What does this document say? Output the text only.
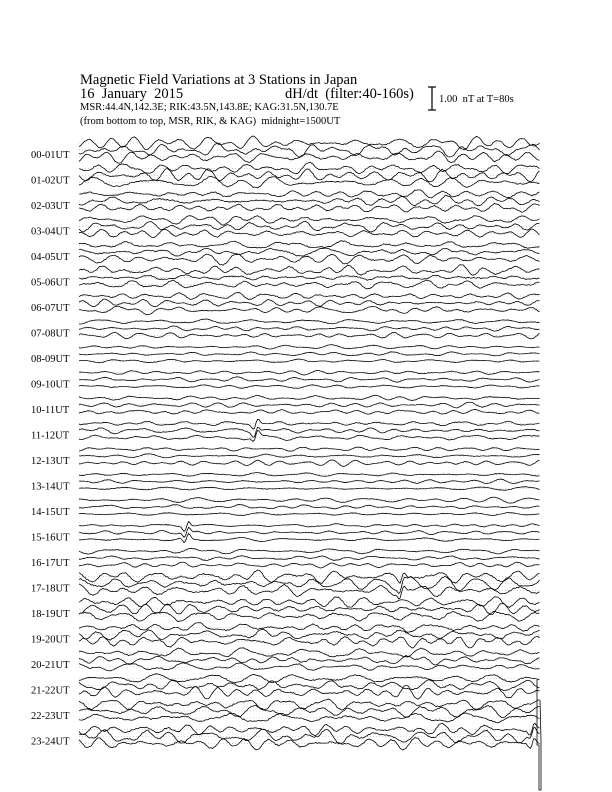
Magnetic Field Variations at 3 Stations in Japan
16  January  2015	dH/dt  (filter:40-160s)
MSR:44.4N,142.3E; RIK:43.5N,143.8E; KAG:31.5N,130.7E
(from bottom to top, MSR, RIK, & KAG)  midnight=1500UT
1.00  nT at T=80s
00-01UT
01-02UT
02-03UT
03-04UT
04-05UT
05-06UT
06-07UT
07-08UT
08-09UT
09-10UT
10-11UT
11-12UT
12-13UT
13-14UT
14-15UT
15-16UT
16-17UT
17-18UT
18-19UT
19-20UT
20-21UT
21-22UT
22-23UT
23-24UT
